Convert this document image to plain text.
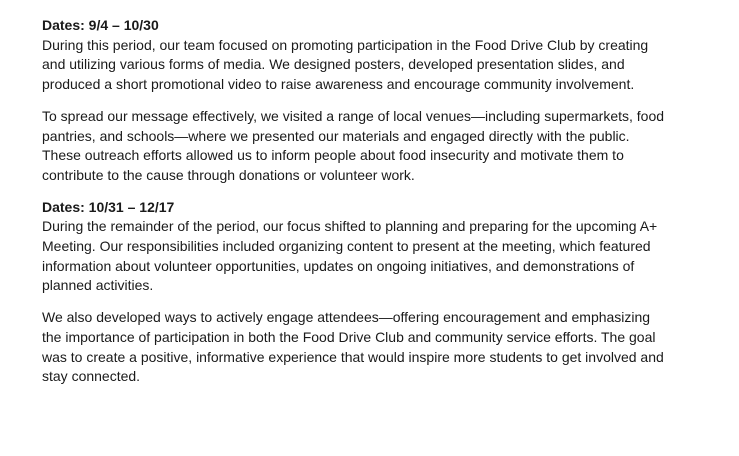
Dates: 9/4 – 10/30

During this period, our team focused on promoting participation in the Food Drive Club by creating and utilizing various forms of media. We designed posters, developed presentation slides, and produced a short promotional video to raise awareness and encourage community involvement.

To spread our message effectively, we visited a range of local venues—including supermarkets, food pantries, and schools—where we presented our materials and engaged directly with the public. These outreach efforts allowed us to inform people about food insecurity and motivate them to contribute to the cause through donations or volunteer work.

Dates: 10/31 – 12/17

During the remainder of the period, our focus shifted to planning and preparing for the upcoming A+ Meeting. Our responsibilities included organizing content to present at the meeting, which featured information about volunteer opportunities, updates on ongoing initiatives, and demonstrations of planned activities.

We also developed ways to actively engage attendees—offering encouragement and emphasizing the importance of participation in both the Food Drive Club and community service efforts. The goal was to create a positive, informative experience that would inspire more students to get involved and stay connected.
